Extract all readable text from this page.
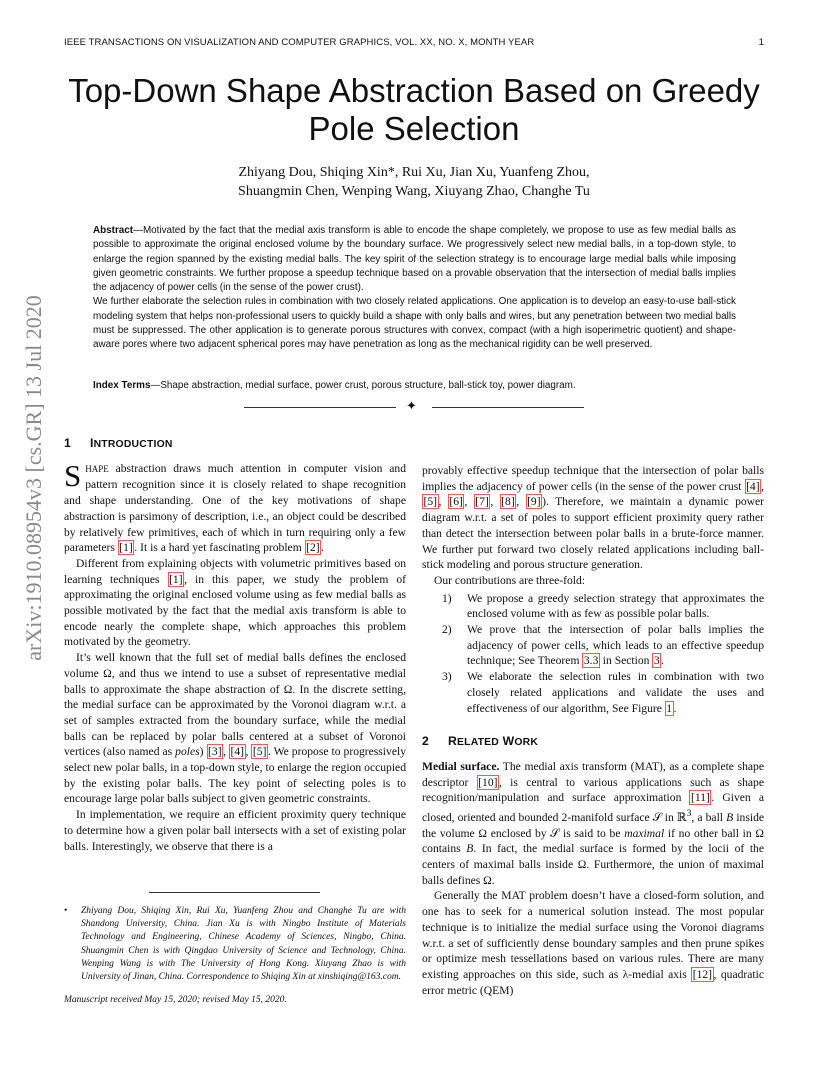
IEEE TRANSACTIONS ON VISUALIZATION AND COMPUTER GRAPHICS, VOL. XX, NO. X, MONTH YEAR	1
arXiv:1910.08954v3 [cs.GR] 13 Jul 2020
Top-Down Shape Abstraction Based on Greedy
Pole Selection
Zhiyang Dou, Shiqing Xin*, Rui Xu, Jian Xu, Yuanfeng Zhou,
Shuangmin Chen, Wenping Wang, Xiuyang Zhao, Changhe Tu

Abstract—Motivated by the fact that the medial axis transform is able to encode the shape completely, we propose to use as few medial balls as possible to approximate the original enclosed volume by the boundary surface. We progressively select new medial balls, in a top-down style, to enlarge the region spanned by the existing medial balls. The key spirit of the selection strategy is to encourage large medial balls while imposing given geometric constraints. We further propose a speedup technique based on a provable observation that the intersection of medial balls implies the adjacency of power cells (in the sense of the power crust).

We further elaborate the selection rules in combination with two closely related applications. One application is to develop an easy-to-use ball-stick modeling system that helps non-professional users to quickly build a shape with only balls and wires, but any penetration between two medial balls must be suppressed. The other application is to generate porous structures with convex, compact (with a high isoperimetric quotient) and shape-aware pores where two adjacent spherical pores may have penetration as long as the mechanical rigidity can be well preserved.

Index Terms—Shape abstraction, medial surface, power crust, porous structure, ball-stick toy, power diagram.
✦
1 INTRODUCTION

SHAPE abstraction draws much attention in computer vision and pattern recognition since it is closely related to shape recognition and shape understanding. One of the key motivations of shape abstraction is parsimony of description, i.e., an object could be described by relatively few primitives, each of which in turn requiring only a few parameters [1] . It is a hard yet fascinating problem [2] .

Different from explaining objects with volumetric primitives based on learning techniques [1] , in this paper, we study the problem of approximating the original enclosed volume using as few medial balls as possible motivated by the fact that the medial axis transform is able to encode nearly the complete shape, which approaches this problem motivated by the geometry.

It’s well known that the full set of medial balls defines the enclosed volume Ω, and thus we intend to use a subset of representative medial balls to approximate the shape abstraction of Ω. In the discrete setting, the medial surface can be approximated by the Voronoi diagram w.r.t. a set of samples extracted from the boundary surface, while the medial balls can be replaced by polar balls centered at a subset of Voronoi vertices (also named as poles) [3] , [4] , [5] . We propose to progressively select new polar balls, in a top-down style, to enlarge the region occupied by the existing polar balls. The key point of selecting poles is to encourage large polar balls subject to given geometric constraints.

In implementation, we require an efficient proximity query technique to determine how a given polar ball intersects with a set of existing polar balls. Interestingly, we observe that there is a

provably effective speedup technique that the intersection of polar balls implies the adjacency of power cells (in the sense of the power crust [4] , [5] , [6] , [7] , [8] , [9] ). Therefore, we maintain a dynamic power diagram w.r.t. a set of poles to support efficient proximity query rather than detect the intersection between polar balls in a brute-force manner. We further put forward two closely related applications including ball-stick modeling and porous structure generation.

Our contributions are three-fold:

1) We propose a greedy selection strategy that approximates the enclosed volume with as few as possible polar balls.
2) We prove that the intersection of polar balls implies the adjacency of power cells, which leads to an effective speedup technique; See Theorem 3.3 in Section 3 .
3) We elaborate the selection rules in combination with two closely related applications and validate the uses and effectiveness of our algorithm, See Figure 1 .
2 RELATED WORK

Medial surface. The medial axis transform (MAT), as a complete shape descriptor [10] , is central to various applications such as shape recognition/manipulation and surface approximation [11] . Given a closed, oriented and bounded 2-manifold surface 𝒮 in ℝ$^3$, a ball B inside the volume Ω enclosed by 𝒮 is said to be maximal if no other ball in Ω contains B. In fact, the medial surface is formed by the locii of the centers of maximal balls inside Ω. Furthermore, the union of maximal balls defines Ω.

Generally the MAT problem doesn’t have a closed-form solution, and one has to seek for a numerical solution instead. The most popular technique is to initialize the medial surface using the Voronoi diagrams w.r.t. a set of sufficiently dense boundary samples and then prune spikes or optimize mesh tessellations based on various rules. There are many existing approaches on this side, such as λ-medial axis [12] , quadratic error metric (QEM)

•	Zhiyang Dou, Shiqing Xin, Rui Xu, Yuanfeng Zhou and Changhe Tu are with Shandong University, China. Jian Xu is with Ningbo Institute of Materials Technology and Engineering, Chinese Academy of Sciences, Ningbo, China. Shuangmin Chen is with Qingdao University of Science and Technology, China. Wenping Wang is with The University of Hong Kong. Xiuyang Zhao is with University of Jinan, China. Correspondence to Shiqing Xin at xinshiqing@163.com.
Manuscript received May 15, 2020; revised May 15, 2020.
